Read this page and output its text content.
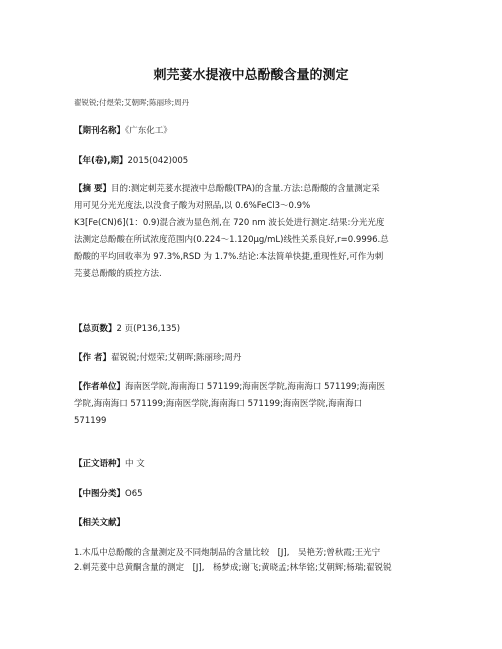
刺芫荽水提液中总酚酸含量的测定
翟锐锐;付煜荣;艾朝晖;陈丽珍;周丹
【期刊名称】《广东化工》
【年(卷),期】2015(042)005
【摘 要】目的:测定刺芫荽水提液中总酚酸(TPA)的含量.方法:总酚酸的含量测定采
用可见分光光度法,以没食子酸为对照品,以 0.6%FeCl3～0.9%
K3[Fe(CN)6](1：0.9)混合液为显色剂,在 720 nm 波长处进行测定.结果:分光光度
法测定总酚酸在所试浓度范围内(0.224～1.120μg/mL)线性关系良好,r=0.9996.总
酚酸的平均回收率为 97.3%,RSD 为 1.7%.结论:本法简单快捷,重现性好,可作为刺
芫荽总酚酸的质控方法.
【总页数】2 页(P136,135)
【作 者】翟锐锐;付煜荣;艾朝晖;陈丽珍;周丹
【作者单位】海南医学院,海南海口 571199;海南医学院,海南海口 571199;海南医
学院,海南海口 571199;海南医学院,海南海口 571199;海南医学院,海南海口
571199
【正文语种】中 文
【中图分类】O65
【相关文献】
1.木瓜中总酚酸的含量测定及不同炮制品的含量比较　[J],　吴艳芳;曾秋霞;王光宁
2.刺芫荽中总黄酮含量的测定　[J],　杨梦成;谢飞;黄晓孟;林华铭;艾朝辉;杨瑞;翟锐锐
